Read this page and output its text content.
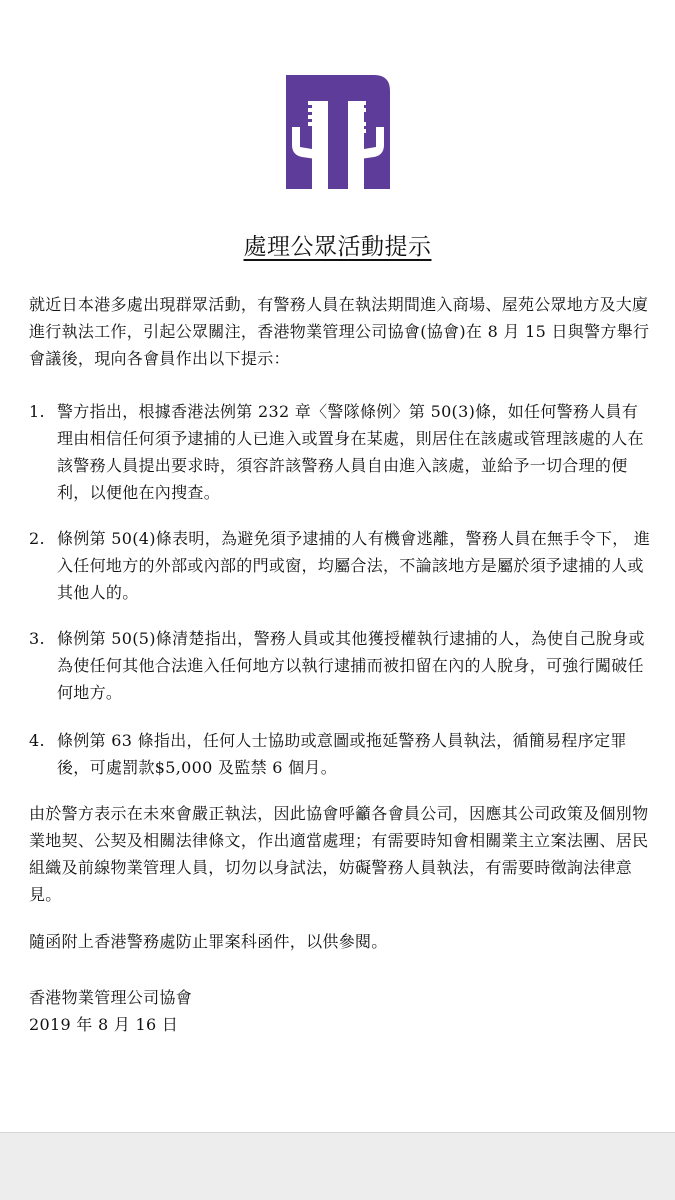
處理公眾活動提示

就近日本港多處出現群眾活動，有警務人員在執法期間進入商場、屋苑公眾地方及大廈進行執法工作，引起公眾關注，香港物業管理公司協會(協會)在 8 月 15 日與警方舉行會議後，現向各會員作出以下提示：

1. 警方指出，根據香港法例第 232 章〈警隊條例〉第 50(3)條，如任何警務人員有理由相信任何須予逮捕的人已進入或置身在某處，則居住在該處或管理該處的人在該警務人員提出要求時，須容許該警務人員自由進入該處，並給予一切合理的便利，以便他在內搜查。
2. 條例第 50(4)條表明，為避免須予逮捕的人有機會逃離，警務人員在無手令下， 進入任何地方的外部或內部的門或窗，均屬合法，不論該地方是屬於須予逮捕的人或其他人的。
3. 條例第 50(5)條清楚指出，警務人員或其他獲授權執行逮捕的人，為使自己脫身或為使任何其他合法進入任何地方以執行逮捕而被扣留在內的人脫身，可強行闖破任何地方。
4. 條例第 63 條指出，任何人士協助或意圖或拖延警務人員執法，循簡易程序定罪後，可處罰款$5,000 及監禁 6 個月。

由於警方表示在未來會嚴正執法，因此協會呼籲各會員公司，因應其公司政策及個別物業地契、公契及相關法律條文，作出適當處理；有需要時知會相關業主立案法團、居民組織及前線物業管理人員，切勿以身試法，妨礙警務人員執法，有需要時徵詢法律意見。

隨函附上香港警務處防止罪案科函件，以供參閱。

香港物業管理公司協會
2019 年 8 月 16 日
